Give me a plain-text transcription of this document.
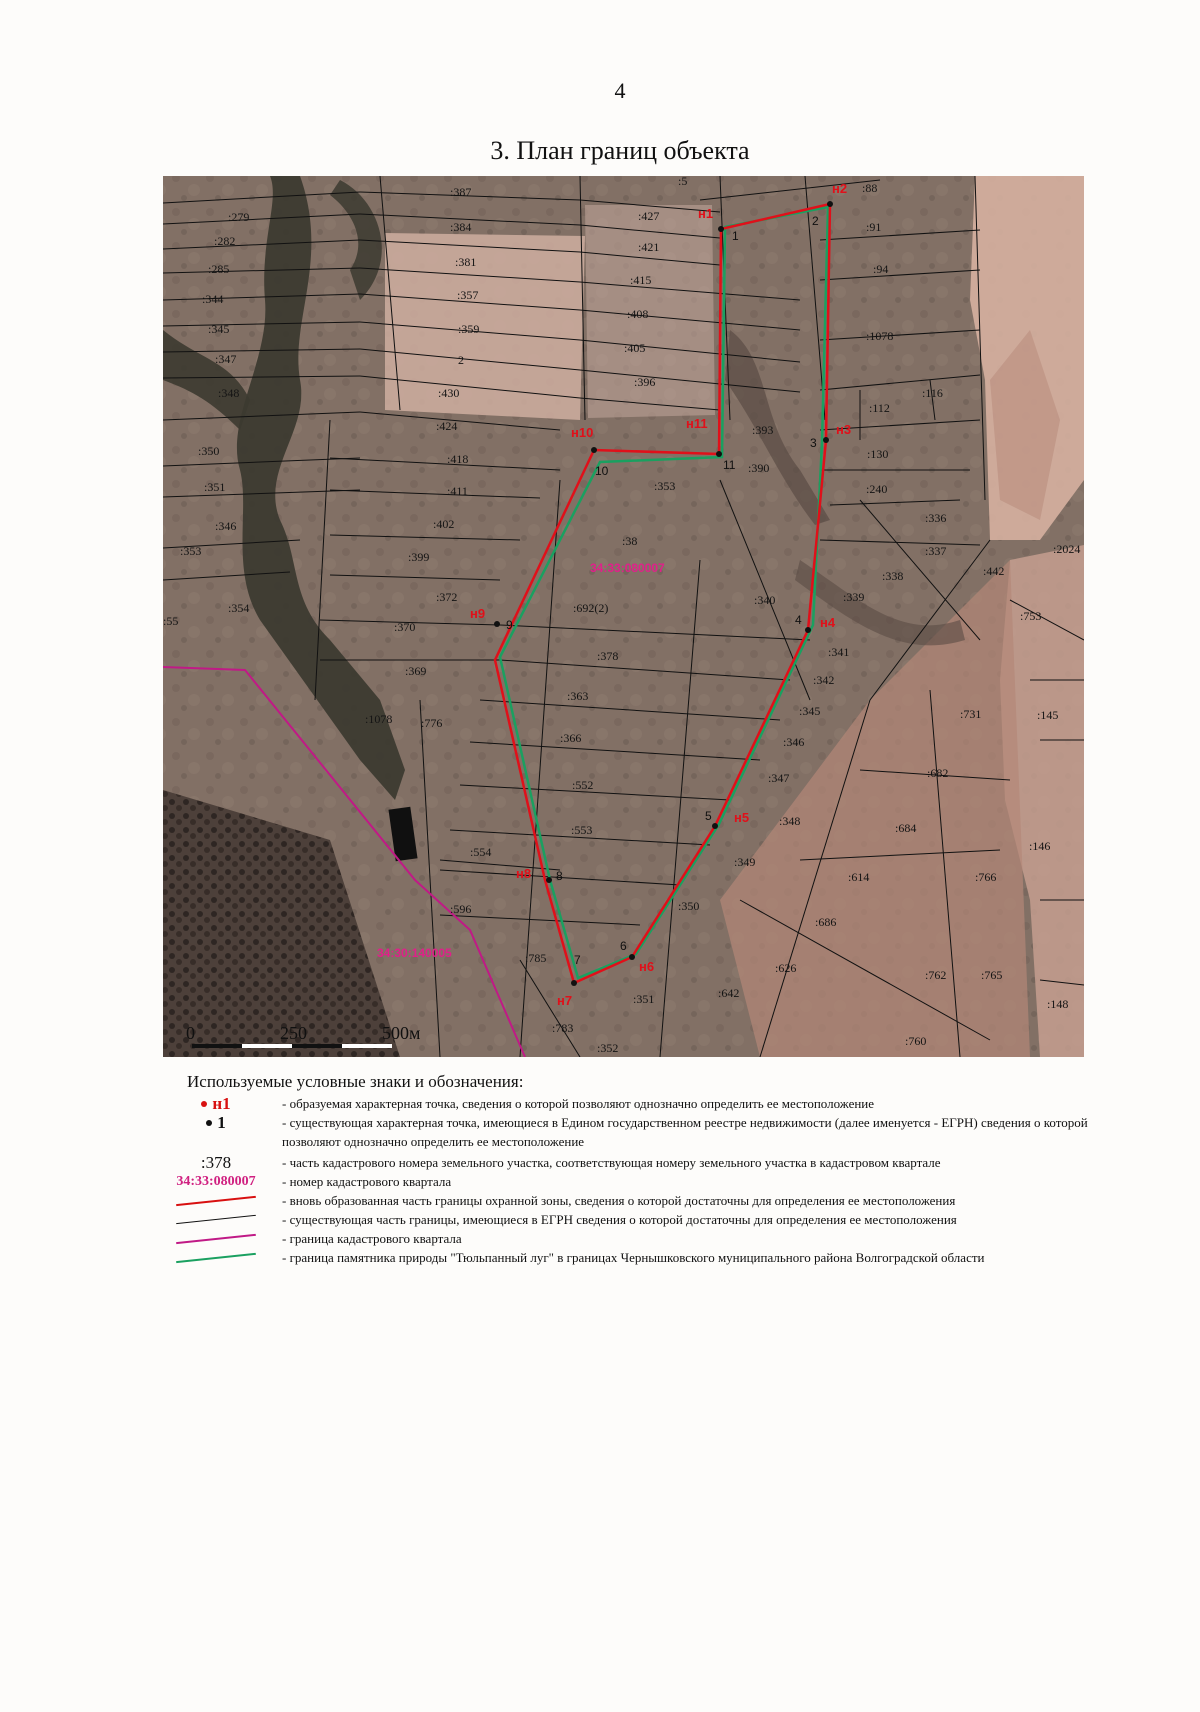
4
3. План границ объекта
н1
н2
н3
н4
н5
н6
н7
н8
н9
н10
н11
1
2
3
4
5
6
7
8
9
10	11
:279
:282
:285
:344
:345
:347
:348
:350
:351
:346
:353
:354
:55
:387
:384
:381
:357
:359
2
:430
:424
:418
:411
:402
:399
:372
:370
:369
:1078 :776
:5
:427
:421
:415
:408
:405
:396
:393
:390
:353
:38
:692(2)
:378
:363
:366
:552
:553
:554
:596
:785
:783
:352
:351
:350
:349
:348
:347
:346
:345
:342
:341
:340	:339
:338
:337
:336
:442
:2024
:240
:130
:112
:116
:1078
:94
:91
:88
:753
:731	:145
:682
:684
:146
:614	:766
:686
:626
:642
:762	:765
:148
:760
34:33:080007
34:30:140005
0	250	500м
Используемые условные знаки и обозначения:
н1	- образуемая характерная точка, сведения о которой позволяют однозначно определить ее местоположение
1	- существующая характерная точка, имеющиеся в Едином государственном реестре недвижимости (далее именуется - ЕГРН) сведения о которой позволяют однозначно определить ее местоположение
:378	- часть кадастрового номера земельного участка, соответствующая номеру земельного участка в кадастровом квартале
34:33:080007	- номер кадастрового квартала
- вновь образованная часть границы охранной зоны, сведения о которой достаточны для определения ее местоположения
- существующая часть границы, имеющиеся в ЕГРН сведения о которой достаточны для определения ее местоположения
- граница кадастрового квартала
- граница памятника природы "Тюльпанный луг" в границах Чернышковского муниципального района Волгоградской области
